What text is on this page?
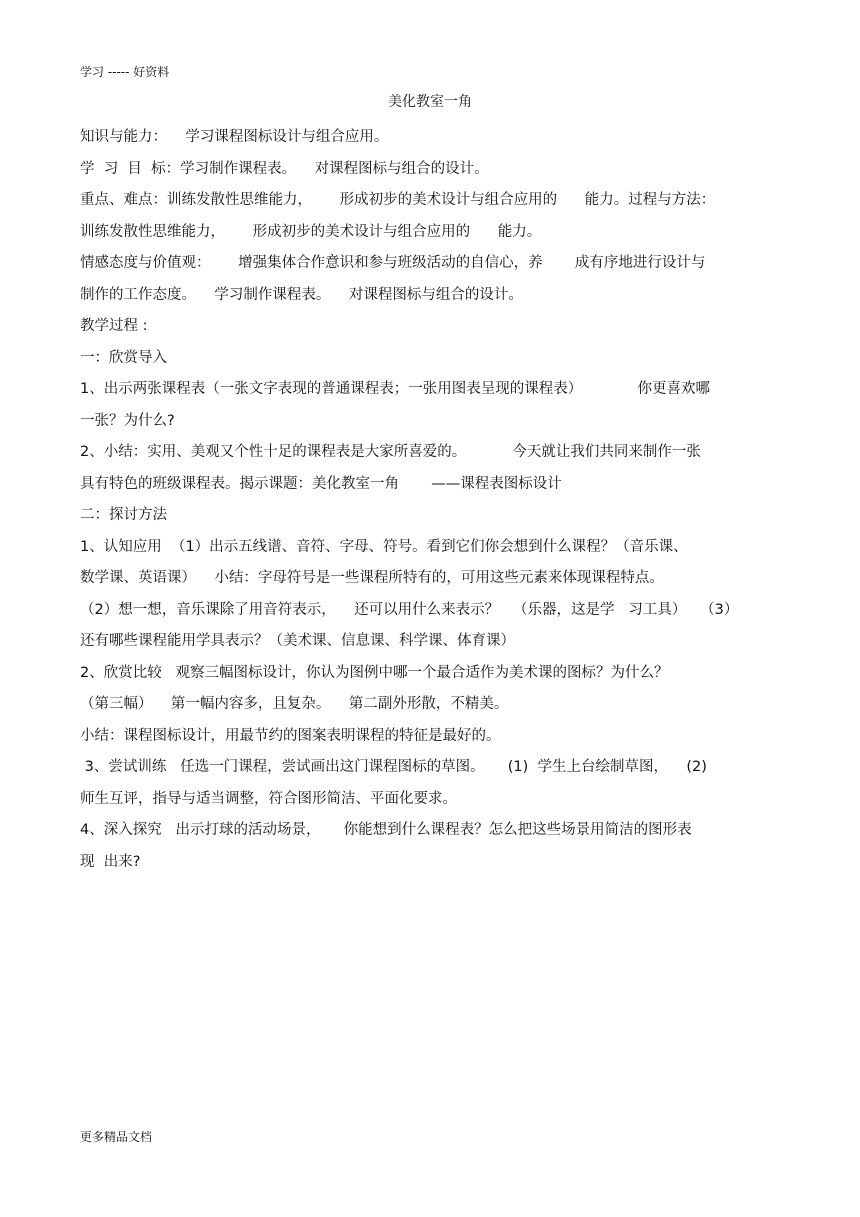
学习 ----- 好资料
美化教室一角
知识与能力：    学习课程图标设计与组合应用。
学  习  目  标：学习制作课程表。    对课程图标与组合的设计。
重点、难点：训练发散性思维能力，      形成初步的美术设计与组合应用的      能力。过程与方法：
训练发散性思维能力，      形成初步的美术设计与组合应用的      能力。
情感态度与价值观：      增强集体合作意识和参与班级活动的自信心，养       成有序地进行设计与
制作的工作态度。    学习制作课程表。    对课程图标与组合的设计。
教学过程 :
一：欣赏导入
1、出示两张课程表（一张文字表现的普通课程表；一张用图表呈现的课程表）            你更喜欢哪
一张？为什么?
2、小结：实用、美观又个性十足的课程表是大家所喜爱的。          今天就让我们共同来制作一张
具有特色的班级课程表。揭示课题：美化教室一角       ——课程表图标设计
二：探讨方法
1、认知应用  （1）出示五线谱、音符、字母、符号。看到它们你会想到什么课程？（音乐课、
数学课、英语课）    小结：字母符号是一些课程所特有的，可用这些元素来体现课程特点。
（2）想一想，音乐课除了用音符表示，    还可以用什么来表示？   （乐器，这是学   习工具）   （3）
还有哪些课程能用学具表示？（美术课、信息课、科学课、体育课）
2、欣赏比较   观察三幅图标设计，你认为图例中哪一个最合适作为美术课的图标？为什么？
（第三幅）    第一幅内容多，且复杂。    第二副外形散，不精美。
小结：课程图标设计，用最节约的图案表明课程的特征是最好的。
3、尝试训练   任选一门课程，尝试画出这门课程图标的草图。     (1)  学生上台绘制草图，    (2)
师生互评，指导与适当调整，符合图形简洁、平面化要求。
4、深入探究   出示打球的活动场景，     你能想到什么课程表？怎么把这些场景用简洁的图形表
现  出来?
更多精品文档
